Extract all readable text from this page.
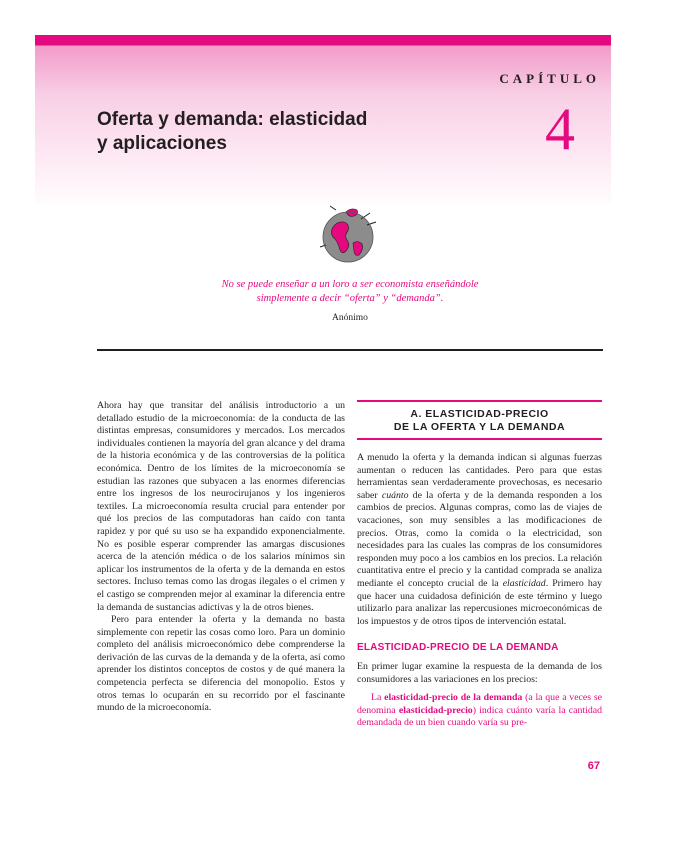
CAPÍTULO
4
Oferta y demanda: elasticidad
y aplicaciones
No se puede enseñar a un loro a ser economista enseñándole
simplemente a decir “oferta” y “demanda”.
Anónimo

Ahora hay que transitar del análisis introductorio a un detallado estudio de la microeconomía: de la conducta de las distintas empresas, consumidores y mercados. Los mercados individuales contienen la mayoría del gran alcance y del drama de la historia económica y de las controversias de la política económica. Dentro de los límites de la microeconomía se estudian las razones que subyacen a las enormes diferencias entre los ingresos de los neurocirujanos y los ingenieros textiles. La microeconomía resulta crucial para entender por qué los precios de las computadoras han caído con tanta rapidez y por qué su uso se ha expandido exponencialmente. No es posible esperar comprender las amargas discusiones acerca de la atención médica o de los salarios mínimos sin aplicar los instrumentos de la oferta y de la demanda en estos sectores. Incluso temas como las drogas ilegales o el crimen y el castigo se comprenden mejor al examinar la diferencia entre la demanda de sustancias adictivas y la de otros bienes.

Pero para entender la oferta y la demanda no basta simplemente con repetir las cosas como loro. Para un dominio completo del análisis microeconómico debe comprenderse la derivación de las curvas de la demanda y de la oferta, así como aprender los distintos conceptos de costos y de qué manera la competencia perfecta se diferencia del monopolio. Estos y otros temas lo ocuparán en su recorrido por el fascinante mundo de la microeconomía.

A. ELASTICIDAD-PRECIO
DE LA OFERTA Y LA DEMANDA

A menudo la oferta y la demanda indican si algunas fuerzas aumentan o reducen las cantidades. Pero para que estas herramientas sean verdaderamente provechosas, es necesario saber cuánto de la oferta y de la demanda responden a los cambios de precios. Algunas compras, como las de viajes de vacaciones, son muy sensibles a las modificaciones de precios. Otras, como la comida o la electricidad, son necesidades para las cuales las compras de los consumidores responden muy poco a los cambios en los precios. La relación cuantitativa entre el precio y la cantidad comprada se analiza mediante el concepto crucial de la elasticidad. Primero hay que hacer una cuidadosa definición de este término y luego utilizarlo para analizar las repercusiones microeconómicas de los impuestos y de otros tipos de intervención estatal.

ELASTICIDAD-PRECIO DE LA DEMANDA

En primer lugar examine la respuesta de la demanda de los consumidores a las variaciones en los precios:

La elasticidad-precio de la demanda (a la que a veces se denomina elasticidad-precio) indica cuánto varía la cantidad demandada de un bien cuando varía su pre-

67
